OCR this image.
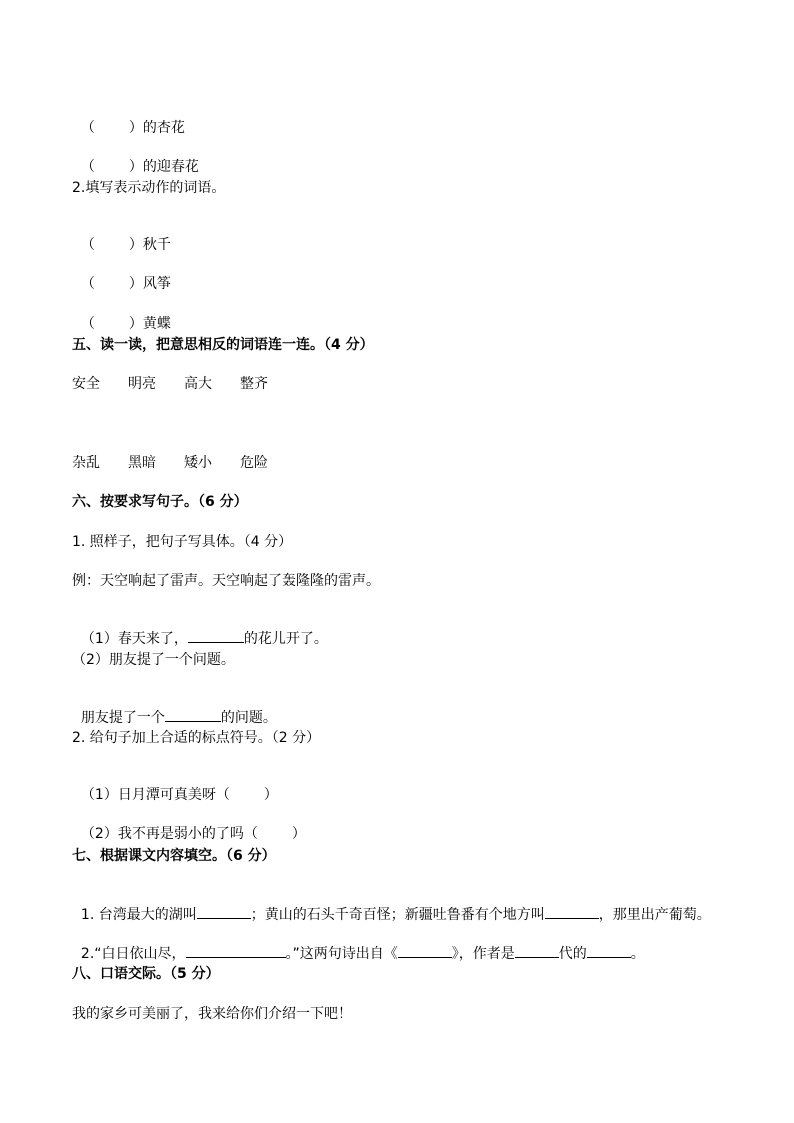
（ ）的杏花

（ ）的迎春花

2.填写表示动作的词语。

（ ）秋千

（ ）风筝

（ ）黄蝶

五、读一读，把意思相反的词语连一连。（4 分）
安全 明亮 高大 整齐
杂乱 黑暗 矮小 危险
六、按要求写句子。（6 分）
1. 照样子，把句子写具体。（4 分）
例：天空响起了雷声。天空响起了轰隆隆的雷声。

（1）春天来了，	的花儿开了。

（2）朋友提了一个问题。

朋友提了一个	的问题。

2. 给句子加上合适的标点符号。（2 分）

（1）日月潭可真美呀（ ）

（2）我不再是弱小的了吗（ ）

七、根据课文内容填空。（6 分）

1. 台湾最大的湖叫	；黄山的石头千奇百怪；新疆吐鲁番有个地方叫	，那里出产葡萄。

2.“白日依山尽，	。”这两句诗出自《	》，作者是	代的	。

八、口语交际。（5 分）
我的家乡可美丽了，我来给你们介绍一下吧！
